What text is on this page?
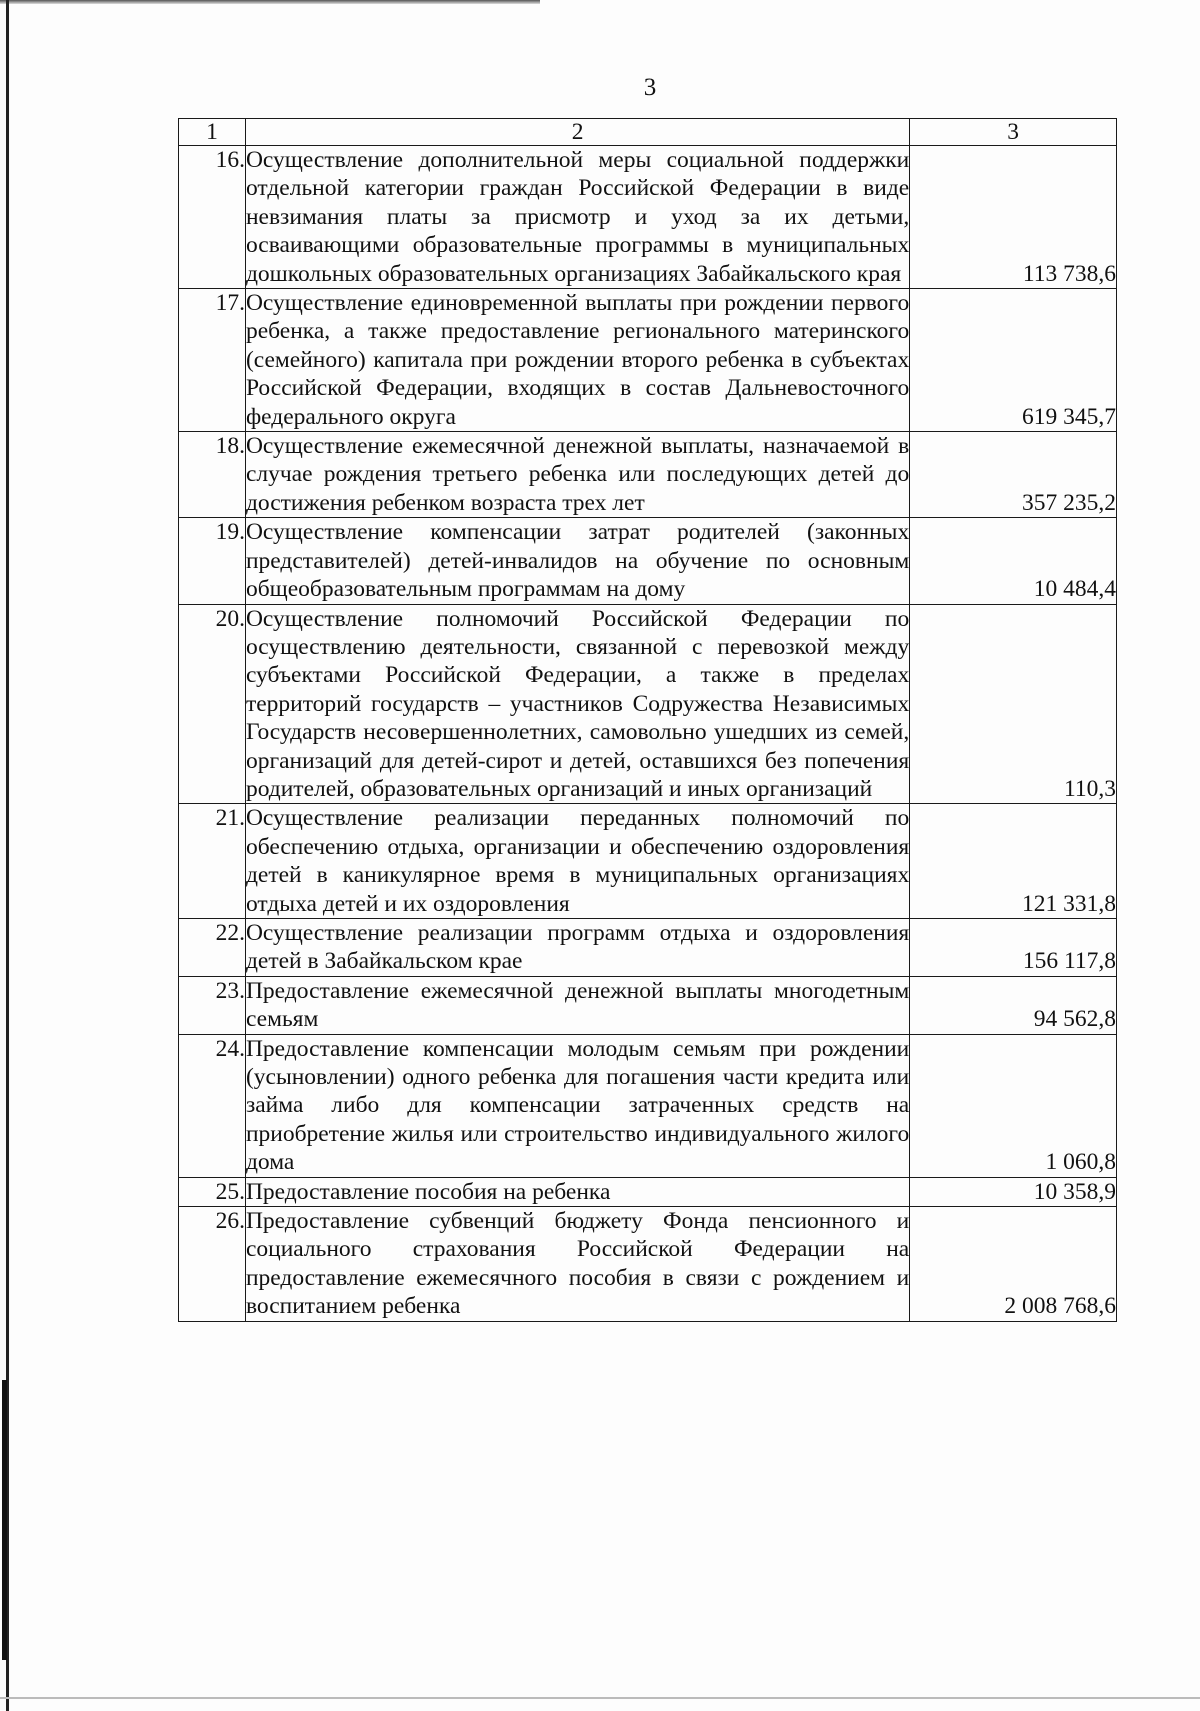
3
1	2	3
16.	Осуществление дополнительной меры социальной поддержки отдельной категории граждан Российской Федерации в виде невзимания платы за присмотр и уход за их детьми, осваивающими образовательные программы в муниципальных дошкольных образовательных организациях Забайкальского края	113 738,6
17.	Осуществление единовременной выплаты при рождении первого ребенка, а также предоставление регионального материнского (семейного) капитала при рождении второго ребенка в субъектах Российской Федерации, входящих в состав Дальневосточного федерального округа	619 345,7
18.	Осуществление ежемесячной денежной выплаты, назначаемой в случае рождения третьего ребенка или последующих детей до достижения ребенком возраста трех лет	357 235,2
19.	Осуществление компенсации затрат родителей (законных представителей) детей-инвалидов на обучение по основным общеобразовательным программам на дому	10 484,4
20.	Осуществление полномочий Российской Федерации по осуществлению деятельности, связанной с перевозкой между субъектами Российской Федерации, а также в пределах территорий государств – участников Содружества Независимых Государств несовершеннолетних, самовольно ушедших из семей, организаций для детей-сирот и детей, оставшихся без попечения родителей, образовательных организаций и иных организаций	110,3
21.	Осуществление реализации переданных полномочий по обеспечению отдыха, организации и обеспечению оздоровления детей в каникулярное время в муниципальных организациях отдыха детей и их оздоровления	121 331,8
22.	Осуществление реализации программ отдыха и оздоровления детей в Забайкальском крае	156 117,8
23.	Предоставление ежемесячной денежной выплаты многодетным семьям	94 562,8
24.	Предоставление компенсации молодым семьям при рождении (усыновлении) одного ребенка для погашения части кредита или займа либо для компенсации затраченных средств на приобретение жилья или строительство индивидуального жилого дома	1 060,8
25.	Предоставление пособия на ребенка	10 358,9
26.	Предоставление субвенций бюджету Фонда пенсионного и социального страхования Российской Федерации на предоставление ежемесячного пособия в связи с рождением и воспитанием ребенка	2 008 768,6
